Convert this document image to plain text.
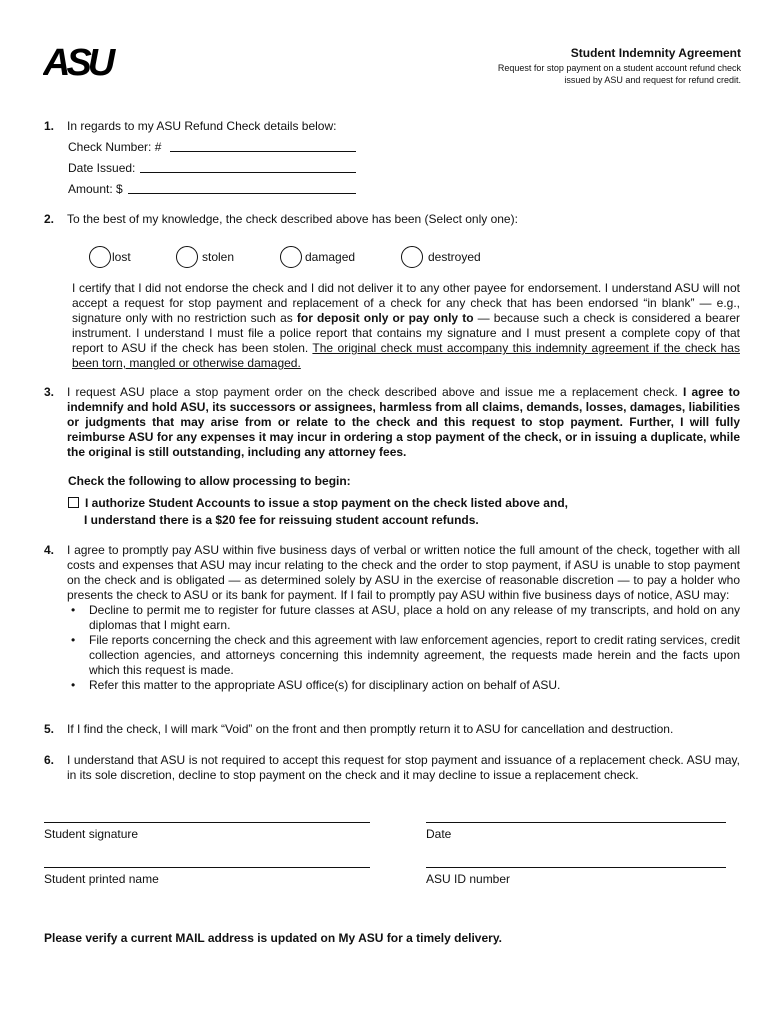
ASU	Student Indemnity Agreement
Request for stop payment on a student account refund check
issued by ASU and request for refund credit.
1. In regards to my ASU Refund Check details below:
Check Number: #
Date Issued:
Amount: $
2. To the best of my knowledge, the check described above has been (Select only one):
lost	stolen	damaged	destroyed
I certify that I did not endorse the check and I did not deliver it to any other payee for endorsement. I understand ASU will not accept a request for stop payment and replacement of a check for any check that has been endorsed “in blank” — e.g., signature only with no restriction such as for deposit only or pay only to — because such a check is considered a bearer instrument. I understand I must file a police report that contains my signature and I must present a complete copy of that report to ASU if the check has been stolen. The original check must accompany this indemnity agreement if the check has been torn, mangled or otherwise damaged.
3. I request ASU place a stop payment order on the check described above and issue me a replacement check. I agree to indemnify and hold ASU, its successors or assignees, harmless from all claims, demands, losses, damages, liabilities or judgments that may arise from or relate to the check and this request to stop payment. Further, I will fully reimburse ASU for any expenses it may incur in ordering a stop payment of the check, or in issuing a duplicate, while the original is still outstanding, including any attorney fees.
Check the following to allow processing to begin:
I authorize Student Accounts to issue a stop payment on the check listed above and,
I understand there is a $20 fee for reissuing student account refunds.
4. I agree to promptly pay ASU within five business days of verbal or written notice the full amount of the check, together with all costs and expenses that ASU may incur relating to the check and the order to stop payment, if ASU is unable to stop payment on the check and is obligated — as determined solely by ASU in the exercise of reasonable discretion — to pay a holder who presents the check to ASU or its bank for payment. If I fail to promptly pay ASU within five business days of notice, ASU may:
• Decline to permit me to register for future classes at ASU, place a hold on any release of my transcripts, and hold on any diplomas that I might earn.
• File reports concerning the check and this agreement with law enforcement agencies, report to credit rating services, credit collection agencies, and attorneys concerning this indemnity agreement, the requests made herein and the facts upon which this request is made.
• Refer this matter to the appropriate ASU office(s) for disciplinary action on behalf of ASU.
5. If I find the check, I will mark “Void” on the front and then promptly return it to ASU for cancellation and destruction.
6. I understand that ASU is not required to accept this request for stop payment and issuance of a replacement check. ASU may, in its sole discretion, decline to stop payment on the check and it may decline to issue a replacement check.
Student signature	Date
Student printed name	ASU ID number
Please verify a current MAIL address is updated on My ASU for a timely delivery.
